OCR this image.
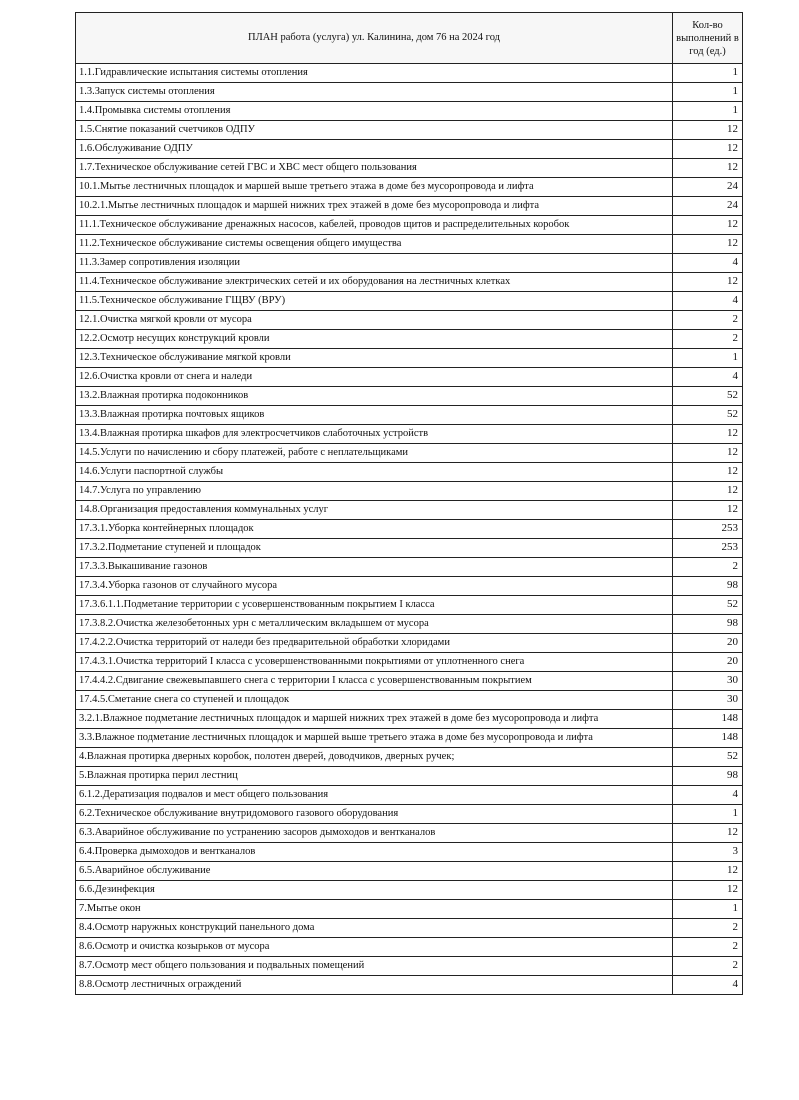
ПЛАН работа (услуга) ул. Калинина, дом 76 на 2024 год	Кол-во выполнений в год (ед.)
1.1.Гидравлические испытания системы отопления	1
1.3.Запуск системы отопления	1
1.4.Промывка системы отопления	1
1.5.Снятие показаний счетчиков ОДПУ	12
1.6.Обслуживание ОДПУ	12
1.7.Техническое обслуживание сетей ГВС и ХВС мест общего пользования	12
10.1.Мытье лестничных площадок и маршей выше третьего этажа в доме без мусоропровода и лифта	24
10.2.1.Мытье лестничных площадок и маршей нижних трех этажей в доме без мусоропровода и лифта	24
11.1.Техническое обслуживание дренажных насосов, кабелей, проводов щитов и распределительных коробок	12
11.2.Техническое обслуживание системы освещения общего имущества	12
11.3.Замер сопротивления изоляции	4
11.4.Техническое обслуживание электрических сетей и их оборудования на лестничных клетках	12
11.5.Техническое обслуживание ГЩВУ (ВРУ)	4
12.1.Очистка мягкой кровли от мусора	2
12.2.Осмотр несущих конструкций кровли	2
12.3.Техническое обслуживание мягкой кровли	1
12.6.Очистка кровли от снега и наледи	4
13.2.Влажная протирка подоконников	52
13.3.Влажная протирка почтовых ящиков	52
13.4.Влажная протирка шкафов для электросчетчиков слаботочных устройств	12
14.5.Услуги по начислению и сбору платежей, работе с неплательщиками	12
14.6.Услуги паспортной службы	12
14.7.Услуга по управлению	12
14.8.Организация предоставления коммунальных услуг	12
17.3.1.Уборка контейнерных площадок	253
17.3.2.Подметание ступеней и площадок	253
17.3.3.Выкашивание газонов	2
17.3.4.Уборка газонов от случайного мусора	98
17.3.6.1.1.Подметание территории с усовершенствованным покрытием I класса	52
17.3.8.2.Очистка железобетонных урн с металлическим вкладышем от мусора	98
17.4.2.2.Очистка территорий от наледи без предварительной обработки хлоридами	20
17.4.3.1.Очистка территорий I класса с усовершенствованными покрытиями от уплотненного снега	20
17.4.4.2.Сдвигание свежевыпавшего снега с территории I класса с усовершенствованным покрытием	30
17.4.5.Сметание снега со ступеней и площадок	30
3.2.1.Влажное подметание лестничных площадок и маршей нижних трех этажей в доме без мусоропровода и лифта	148
3.3.Влажное подметание лестничных площадок и маршей выше третьего этажа в доме без мусоропровода и лифта	148
4.Влажная протирка дверных коробок, полотен дверей, доводчиков, дверных ручек;	52
5.Влажная протирка перил лестниц	98
6.1.2.Дератизация подвалов и мест общего пользования	4
6.2.Техническое обслуживание внутридомового газового оборудования	1
6.3.Аварийное обслуживание по устранению засоров дымоходов и вентканалов	12
6.4.Проверка дымоходов и вентканалов	3
6.5.Аварийное обслуживание	12
6.6.Дезинфекция	12
7.Мытье окон	1
8.4.Осмотр наружных конструкций панельного дома	2
8.6.Осмотр и очистка козырьков от мусора	2
8.7.Осмотр мест общего пользования и подвальных помещений	2
8.8.Осмотр лестничных ограждений	4
